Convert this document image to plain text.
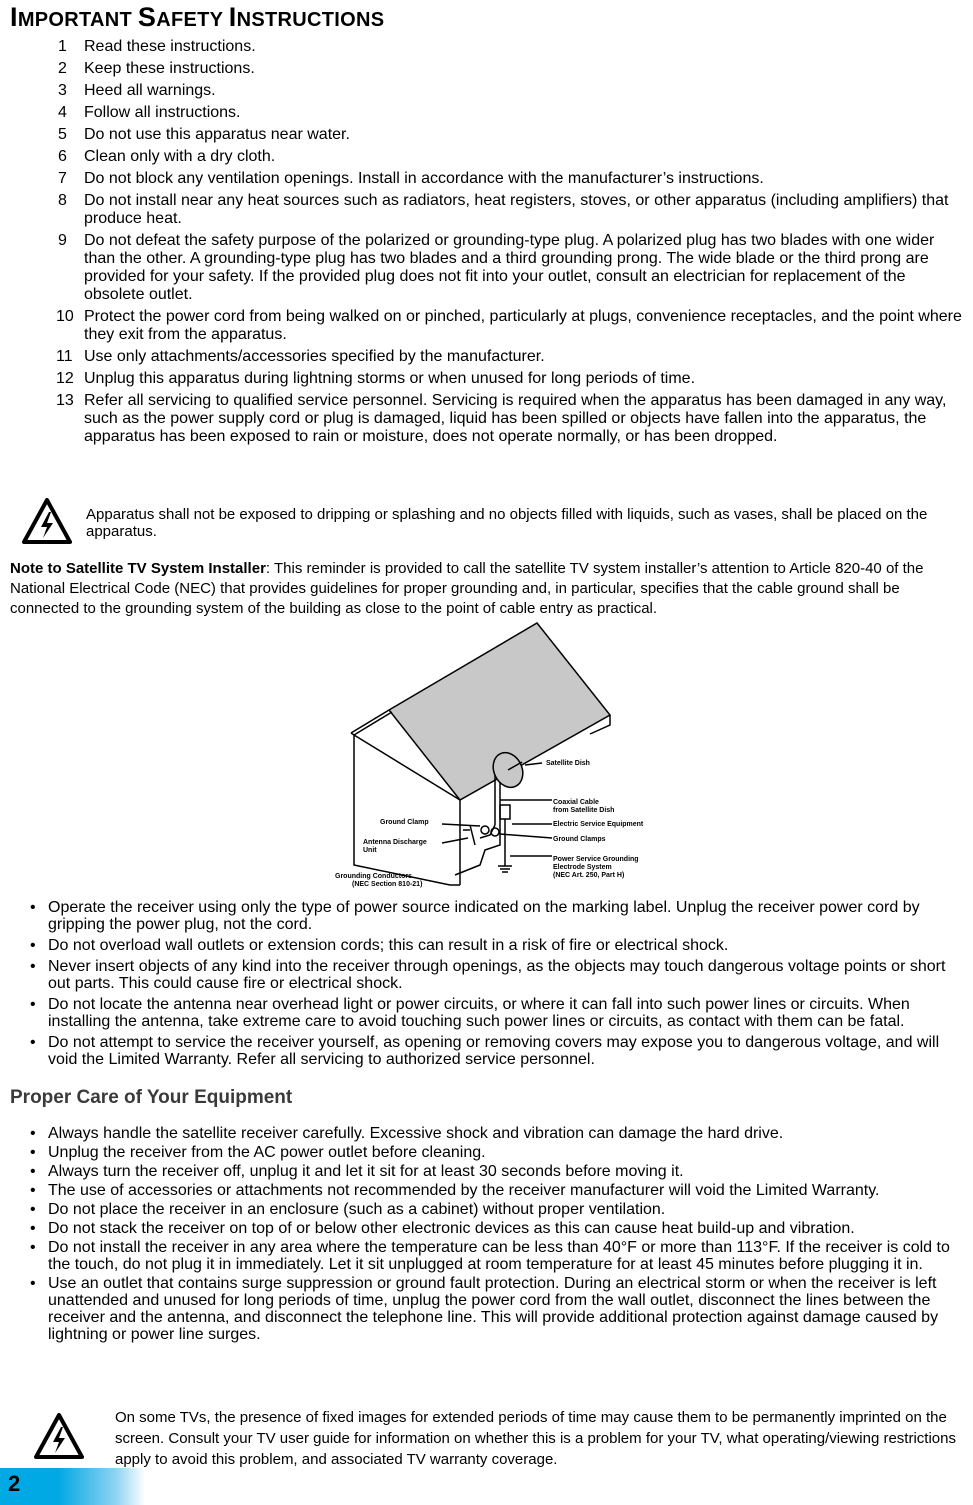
IMPORTANT SAFETY INSTRUCTIONS
1 Read these instructions.
2 Keep these instructions.
3 Heed all warnings.
4 Follow all instructions.
5 Do not use this apparatus near water.
6 Clean only with a dry cloth.
7 Do not block any ventilation openings. Install in accordance with the manufacturer’s instructions.
8 Do not install near any heat sources such as radiators, heat registers, stoves, or other apparatus (including amplifiers) that produce heat.
9 Do not defeat the safety purpose of the polarized or grounding-type plug. A polarized plug has two blades with one wider than the other. A grounding-type plug has two blades and a third grounding prong. The wide blade or the third prong are provided for your safety. If the provided plug does not fit into your outlet, consult an electrician for replacement of the obsolete outlet.
10 Protect the power cord from being walked on or pinched, particularly at plugs, convenience receptacles, and the point where they exit from the apparatus.
11 Use only attachments/accessories specified by the manufacturer.
12 Unplug this apparatus during lightning storms or when unused for long periods of time.
13 Refer all servicing to qualified service personnel. Servicing is required when the apparatus has been damaged in any way, such as the power supply cord or plug is damaged, liquid has been spilled or objects have fallen into the apparatus, the apparatus has been exposed to rain or moisture, does not operate normally, or has been dropped.
Apparatus shall not be exposed to dripping or splashing and no objects filled with liquids, such as vases, shall be placed on the apparatus.

Note to Satellite TV System Installer: This reminder is provided to call the satellite TV system installer’s attention to Article 820-40 of the National Electrical Code (NEC) that provides guidelines for proper grounding and, in particular, specifies that the cable ground shall be connected to the grounding system of the building as close to the point of cable entry as practical.

Satellite Dish
Coaxial Cable
from Satellite Dish
Electric Service Equipment
Ground Clamps
Power Service Grounding
Electrode System
(NEC Art. 250, Part H)
Ground Clamp
Antenna Discharge
Unit
Grounding Conductors
(NEC Section 810-21)
• Operate the receiver using only the type of power source indicated on the marking label. Unplug the receiver power cord by gripping the power plug, not the cord.
• Do not overload wall outlets or extension cords; this can result in a risk of fire or electrical shock.
• Never insert objects of any kind into the receiver through openings, as the objects may touch dangerous voltage points or short out parts. This could cause fire or electrical shock.
• Do not locate the antenna near overhead light or power circuits, or where it can fall into such power lines or circuits. When installing the antenna, take extreme care to avoid touching such power lines or circuits, as contact with them can be fatal.
• Do not attempt to service the receiver yourself, as opening or removing covers may expose you to dangerous voltage, and will void the Limited Warranty. Refer all servicing to authorized service personnel.
Proper Care of Your Equipment
• Always handle the satellite receiver carefully. Excessive shock and vibration can damage the hard drive.
• Unplug the receiver from the AC power outlet before cleaning.
• Always turn the receiver off, unplug it and let it sit for at least 30 seconds before moving it.
• The use of accessories or attachments not recommended by the receiver manufacturer will void the Limited Warranty.
• Do not place the receiver in an enclosure (such as a cabinet) without proper ventilation.
• Do not stack the receiver on top of or below other electronic devices as this can cause heat build-up and vibration.
• Do not install the receiver in any area where the temperature can be less than 40°F or more than 113°F. If the receiver is cold to the touch, do not plug it in immediately. Let it sit unplugged at room temperature for at least 45 minutes before plugging it in.
• Use an outlet that contains surge suppression or ground fault protection. During an electrical storm or when the receiver is left unattended and unused for long periods of time, unplug the power cord from the wall outlet, disconnect the lines between the receiver and the antenna, and disconnect the telephone line. This will provide additional protection against damage caused by lightning or power line surges.
On some TVs, the presence of fixed images for extended periods of time may cause them to be permanently imprinted on the screen. Consult your TV user guide for information on whether this is a problem for your TV, what operating/viewing restrictions apply to avoid this problem, and associated TV warranty coverage.
2
